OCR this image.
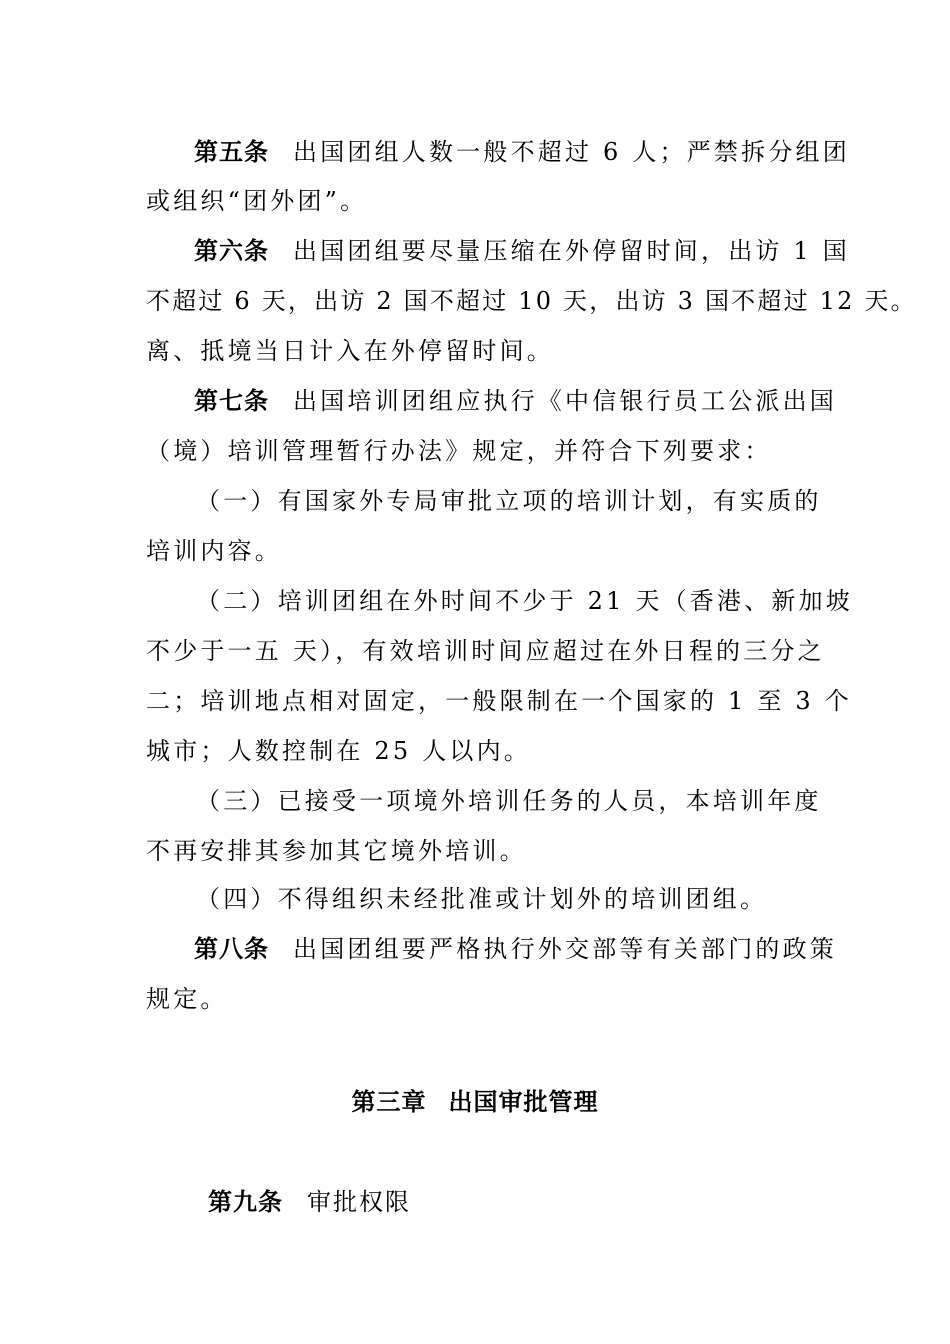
第五条 出国团组人数一般不超过 6 人；严禁拆分组团
或组织“团外团”。
第六条 出国团组要尽量压缩在外停留时间，出访 1 国
不超过 6 天，出访 2 国不超过 10 天，出访 3 国不超过 12 天。
离、抵境当日计入在外停留时间。
第七条 出国培训团组应执行《中信银行员工公派出国
（境）培训管理暂行办法》规定，并符合下列要求：
（一）有国家外专局审批立项的培训计划，有实质的
培训内容。
（二）培训团组在外时间不少于 21 天（香港、新加坡
不少于一五 天），有效培训时间应超过在外日程的三分之
二；培训地点相对固定，一般限制在一个国家的 1 至 3 个
城市；人数控制在 25 人以内。
（三）已接受一项境外培训任务的人员，本培训年度
不再安排其参加其它境外培训。
（四）不得组织未经批准或计划外的培训团组。
第八条 出国团组要严格执行外交部等有关部门的政策
规定。
第三章 出国审批管理
第九条 审批权限
